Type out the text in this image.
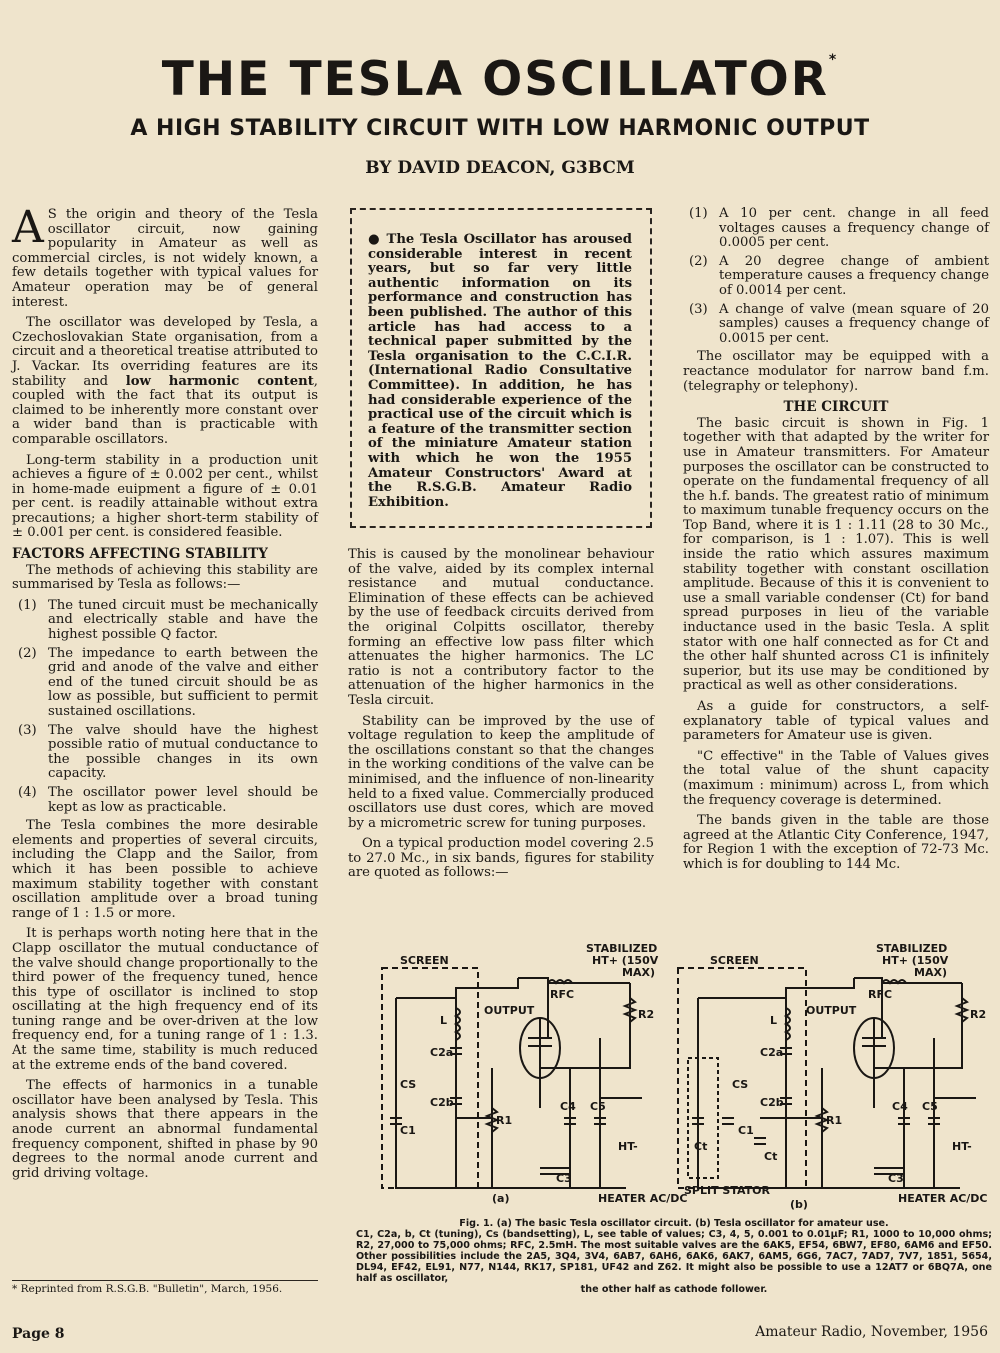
THE TESLA OSCILLATOR*
A HIGH STABILITY CIRCUIT WITH LOW HARMONIC OUTPUT
BY DAVID DEACON, G3BCM

A S the origin and theory of the Tesla oscillator circuit, now gaining popularity in Amateur as well as commercial circles, is not widely known, a few details together with typical values for Amateur operation may be of general interest.

The oscillator was developed by Tesla, a Czechoslovakian State organisation, from a circuit and a theoretical treatise attributed to J. Vackar. Its overriding features are its stability and low harmonic content, coupled with the fact that its output is claimed to be inherently more constant over a wider band than is practicable with comparable oscillators.

Long-term stability in a production unit achieves a figure of ± 0.002 per cent., whilst in home-made euipment a figure of ± 0.01 per cent. is readily attainable without extra precautions; a higher short-term stability of ± 0.001 per cent. is considered feasible.

FACTORS AFFECTING STABILITY

The methods of achieving this stability are summarised by Tesla as follows:—

(1) The tuned circuit must be mechanically and electrically stable and have the highest possible Q factor.
(2) The impedance to earth between the grid and anode of the valve and either end of the tuned circuit should be as low as possible, but sufficient to permit sustained oscillations.
(3) The valve should have the highest possible ratio of mutual conductance to the possible changes in its own capacity.
(4) The oscillator power level should be kept as low as practicable.

The Tesla combines the more desirable elements and properties of several circuits, including the Clapp and the Sailor, from which it has been possible to achieve maximum stability together with constant oscillation amplitude over a broad tuning range of 1 : 1.5 or more.

It is perhaps worth noting here that in the Clapp oscillator the mutual conductance of the valve should change proportionally to the third power of the frequency tuned, hence this type of oscillator is inclined to stop oscillating at the high frequency end of its tuning range and be over-driven at the low frequency end, for a tuning range of 1 : 1.3. At the same time, stability is much reduced at the extreme ends of the band covered.

The effects of harmonics in a tunable oscillator have been analysed by Tesla. This analysis shows that there appears in the anode current an abnormal fundamental frequency component, shifted in phase by 90 degrees to the normal anode current and grid driving voltage.

* Reprinted from R.S.G.B. "Bulletin", March, 1956.
● The Tesla Oscillator has aroused considerable interest in recent years, but so far very little authentic information on its performance and construction has been published. The author of this article has had access to a technical paper submitted by the Tesla organisation to the C.C.I.R. (International Radio Consultative Committee). In addition, he has had considerable experience of the practical use of the circuit which is a feature of the transmitter section of the miniature Amateur station with which he won the 1955 Amateur Constructors' Award at the R.S.G.B. Amateur Radio Exhibition.

This is caused by the monolinear behaviour of the valve, aided by its complex internal resistance and mutual conductance. Elimination of these effects can be achieved by the use of feedback circuits derived from the original Colpitts oscillator, thereby forming an effective low pass filter which attenuates the higher harmonics. The LC ratio is not a contributory factor to the attenuation of the higher harmonics in the Tesla circuit.

Stability can be improved by the use of voltage regulation to keep the amplitude of the oscillations constant so that the changes in the working conditions of the valve can be minimised, and the influence of non-linearity held to a fixed value. Commercially produced oscillators use dust cores, which are moved by a micrometric screw for tuning purposes.

On a typical production model covering 2.5 to 27.0 Mc., in six bands, figures for stability are quoted as follows:—

(1) A 10 per cent. change in all feed voltages causes a frequency change of 0.0005 per cent.
(2) A 20 degree change of ambient temperature causes a frequency change of 0.0014 per cent.
(3) A change of valve (mean square of 20 samples) causes a frequency change of 0.0015 per cent.

The oscillator may be equipped with a reactance modulator for narrow band f.m. (telegraphy or telephony).

THE CIRCUIT

The basic circuit is shown in Fig. 1 together with that adapted by the writer for use in Amateur transmitters. For Amateur purposes the oscillator can be constructed to operate on the fundamental frequency of all the h.f. bands. The greatest ratio of minimum to maximum tunable frequency occurs on the Top Band, where it is 1 : 1.11 (28 to 30 Mc., for comparison, is 1 : 1.07). This is well inside the ratio which assures maximum stability together with constant oscillation amplitude. Because of this it is convenient to use a small variable condenser (Ct) for band spread purposes in lieu of the variable inductance used in the basic Tesla. A split stator with one half connected as for Ct and the other half shunted across C1 is infinitely superior, but its use may be conditioned by practical as well as other considerations.

As a guide for constructors, a self-explanatory table of typical values and parameters for Amateur use is given.

"C effective" in the Table of Values gives the total value of the shunt capacity (maximum : minimum) across L, from which the frequency coverage is determined.

The bands given in the table are those agreed at the Atlantic City Conference, 1947, for Region 1 with the exception of 72-73 Mc. which is for doubling to 144 Mc.

SCREEN
STABILIZED
HT+ (150V
MAX)
RFC
OUTPUT
L
C2a
C2b
CS
C1
R1
R2
C4 C5
HT-
C3
HEATER AC/DC
(a)
SCREEN
STABILIZED
HT+ (150V
MAX)
RFC
OUTPUT
L
C2a
C2b
CS
Ct
C1
Ct
R1
R2
C4 C5
HT-
C3
HEATER AC/DC
SPLIT STATOR
(b)
Fig. 1. (a) The basic Tesla oscillator circuit. (b) Tesla oscillator for amateur use.
C1, C2a, b, Ct (tuning), Cs (bandsetting), L, see table of values; C3, 4, 5, 0.001 to 0.01μF; R1, 1000 to 10,000 ohms; R2, 27,000 to 75,000 ohms; RFC, 2.5mH. The most suitable valves are the 6AK5, EF54, 6BW7, EF80, 6AM6 and EF50. Other possibilities include the 2A5, 3Q4, 3V4, 6AB7, 6AH6, 6AK6, 6AK7, 6AM5, 6G6, 7AC7, 7AD7, 7V7, 1851, 5654, DL94, EF42, EL91, N77, N144, RK17, SP181, UF42 and Z62. It might also be possible to use a 12AT7 or 6BQ7A, one half as oscillator,
the other half as cathode follower.
Page 8	Amateur Radio, November, 1956
